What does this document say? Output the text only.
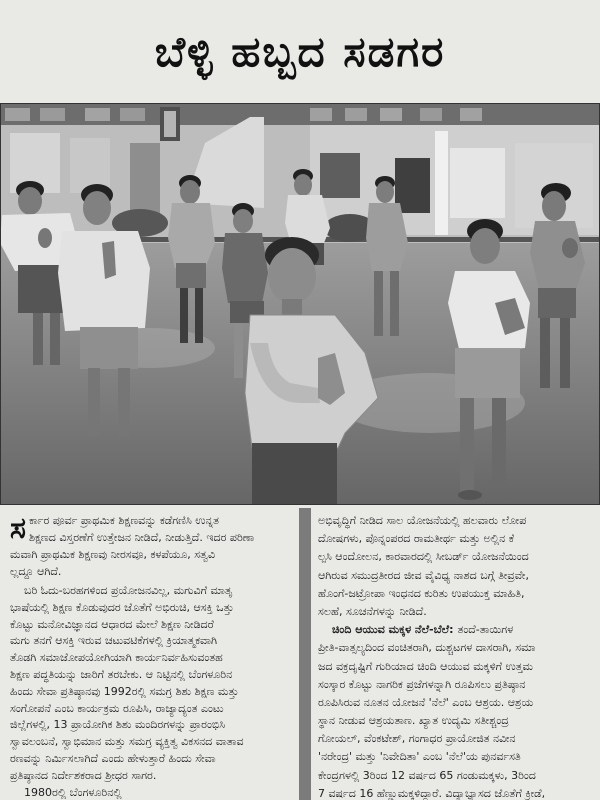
ಬೆಳ್ಳಿ ಹಬ್ಬದ ಸಡಗರ
ಸ ರ್ಕಾರ ಪೂರ್ವ ಪ್ರಾಥಮಿಕ ಶಿಕ್ಷಣವನ್ನು ಕಡೆಗಣಿಸಿ ಉನ್ನತ
ಶಿಕ್ಷಣದ ವಿಸ್ತರಣೆಗೆ ಉತ್ತೇಜನ ನೀಡಿದೆ, ನೀಡುತ್ತಿದೆ. ಇದರ ಪರಿಣಾ
ಮವಾಗಿ ಪ್ರಾಥಮಿಕ ಶಿಕ್ಷಣವು ನೀರಸವೂ, ಕಳಪೆಯೂ, ಸತ್ವವಿ
ಲ್ಲದ್ದೂ ಆಗಿದೆ.
ಬರಿ ಓದು-ಬರಹಗಳಿಂದ ಪ್ರಯೋಜನವಿಲ್ಲ, ಮಗುವಿಗೆ ಮಾತೃ
ಭಾಷೆಯಲ್ಲಿ ಶಿಕ್ಷಣ ಕೊಡುವುದರ ಜೊತೆಗೆ ಅಭಿರುಚಿ, ಆಸಕ್ತಿ ಒತ್ತು
ಕೊಟ್ಟು ಮನೋವಿಜ್ಞಾನದ ಆಧಾರದ ಮೇಲೆ ಶಿಕ್ಷಣ ನೀಡಿದರೆ
ಮಗು ತನಗೆ ಆಸಕ್ತಿ ಇರುವ ಚಟುವಟಿಕೆಗಳಲ್ಲಿ ಕ್ರಿಯಾತ್ಮಕವಾಗಿ
ತೊಡಗಿ ಸಮಾಜೋಪಯೋಗಿಯಾಗಿ ಕಾರ್ಯನಿರ್ವಹಿಸುವಂತಹ
ಶಿಕ್ಷಣ ಪದ್ಧತಿಯನ್ನು ಜಾರಿಗೆ ತರಬೇಕು. ಆ ನಿಟ್ಟಿನಲ್ಲಿ ಬೆಂಗಳೂರಿನ
ಹಿಂದು ಸೇವಾ ಪ್ರತಿಷ್ಠಾನವು 1992ರಲ್ಲಿ ಸಮಗ್ರ ಶಿಶು ಶಿಕ್ಷಣ ಮತ್ತು
ಸಂಗೋಪನೆ ಎಂಬ ಕಾರ್ಯಕ್ರಮ ರೂಪಿಸಿ, ರಾಜ್ಯಾದ್ಯಂತ ಎಂಟು
ಜಿಲ್ಲೆಗಳಲ್ಲಿ, 13 ಪ್ರಾಯೋಗಿಕ ಶಿಶು ಮಂದಿರಗಳನ್ನು ಪ್ರಾರಂಭಿಸಿ
ಸ್ವಾವಲಂಬನೆ, ಸ್ವಾಭಿಮಾನ ಮತ್ತು ಸಮಗ್ರ ವ್ಯಕ್ತಿತ್ವ ವಿಕಸನದ ವಾತಾವ
ರಣವನ್ನು ನಿರ್ಮಿಸಲಾಗಿದೆ ಎಂದು ಹೇಳುತ್ತಾರೆ ಹಿಂದು ಸೇವಾ
ಪ್ರತಿಷ್ಠಾನದ ನಿರ್ದೇಶಕರಾದ ಶ್ರೀಧರ ಸಾಗರ.
1980ರಲ್ಲಿ ಬೆಂಗಳೂರಿನಲ್ಲಿ
ಅಭಿವೃದ್ಧಿಗೆ ನೀಡಿದ ಸಾಲ ಯೋಜನೆಯಲ್ಲಿ ಹಲವಾರು ಲೋಪ
ದೋಷಗಳು, ಪೊನ್ನಂಪರದ ರಾಮತೀರ್ಥ ಮತ್ತು ಅಲ್ಲಿನ ಕೆ
ಲ್ಪಸಿ ಆಂದೋಲನ, ಕಾರವಾರದಲ್ಲಿ ಸೀಬರ್ಡ್ ಯೋಜನೆಯಿಂದ
ಆಗಿರುವ ಸಮುದ್ರತೀರದ ಜೀವ ವೈವಿಧ್ಯ ನಾಶದ ಬಗ್ಗೆ ತೀವ್ರವೇ,
ಹೊಂಗೆ-ಜಟ್ರೋಪಾ ಇಂಧನದ ಕುರಿತು ಉಪಯುಕ್ತ ಮಾಹಿತಿ,
ಸಲಹೆ, ಸೂಚನೆಗಳನ್ನು ನೀಡಿದೆ.
ಚಿಂದಿ ಆಯುವ ಮಕ್ಕಳ ನೆಲೆ-ಬೆಲೆ: ತಂದೆ-ತಾಯಿಗಳ
ಪ್ರೀತಿ-ವಾತ್ಸಲ್ಯದಿಂದ ವಂಚಿತರಾಗಿ, ದುಶ್ಚಟಗಳ ದಾಸರಾಗಿ, ಸಮಾ
ಜದ ವಕ್ರದೃಷ್ಟಿಗೆ ಗುರಿಯಾದ ಚಿಂದಿ ಆಯುವ ಮಕ್ಕಳಿಗೆ ಉತ್ತಮ
ಸಂಸ್ಕಾರ ಕೊಟ್ಟು ನಾಗರಿಕ ಪ್ರಜೆಗಳನ್ನಾಗಿ ರೂಪಿಸಲು ಪ್ರತಿಷ್ಠಾನ
ರೂಪಿಸಿರುವ ನೂತನ ಯೋಜನೆ 'ನೆಲೆ' ಎಂಬ ಆಶ್ರಯ. ಆಶ್ರಯ
ಸ್ಥಾನ ನೀಡುವ ಆಶ್ರಯತಾಣ. ಖ್ಯಾತ ಉದ್ಯಮಿ ಸತೀಶ್ಚಂದ್ರ
ಗೋಯಲ್, ವೆಂಕಟೇಶ್, ಗಂಗಾಧರ ಪ್ರಾಯೋಜಿತ ನವೀನ
'ನರೇಂದ್ರ' ಮತ್ತು 'ನಿವೇದಿತಾ' ಎಂಬ 'ನೆಲೆ'ಯ ಪುನರ್ವಸತಿ
ಕೇಂದ್ರಗಳಲ್ಲಿ 3ರಿಂದ 12 ವರ್ಷದ 65 ಗಂಡುಮಕ್ಕಳು, 3ರಿಂದ
7 ವರ್ಷದ 16 ಹೆಣ್ಣುಮಕ್ಕಳಿದ್ದಾರೆ. ವಿದ್ಯಾಭ್ಯಾಸದ ಜೊತೆಗೆ ಕ್ರೀಡೆ,
